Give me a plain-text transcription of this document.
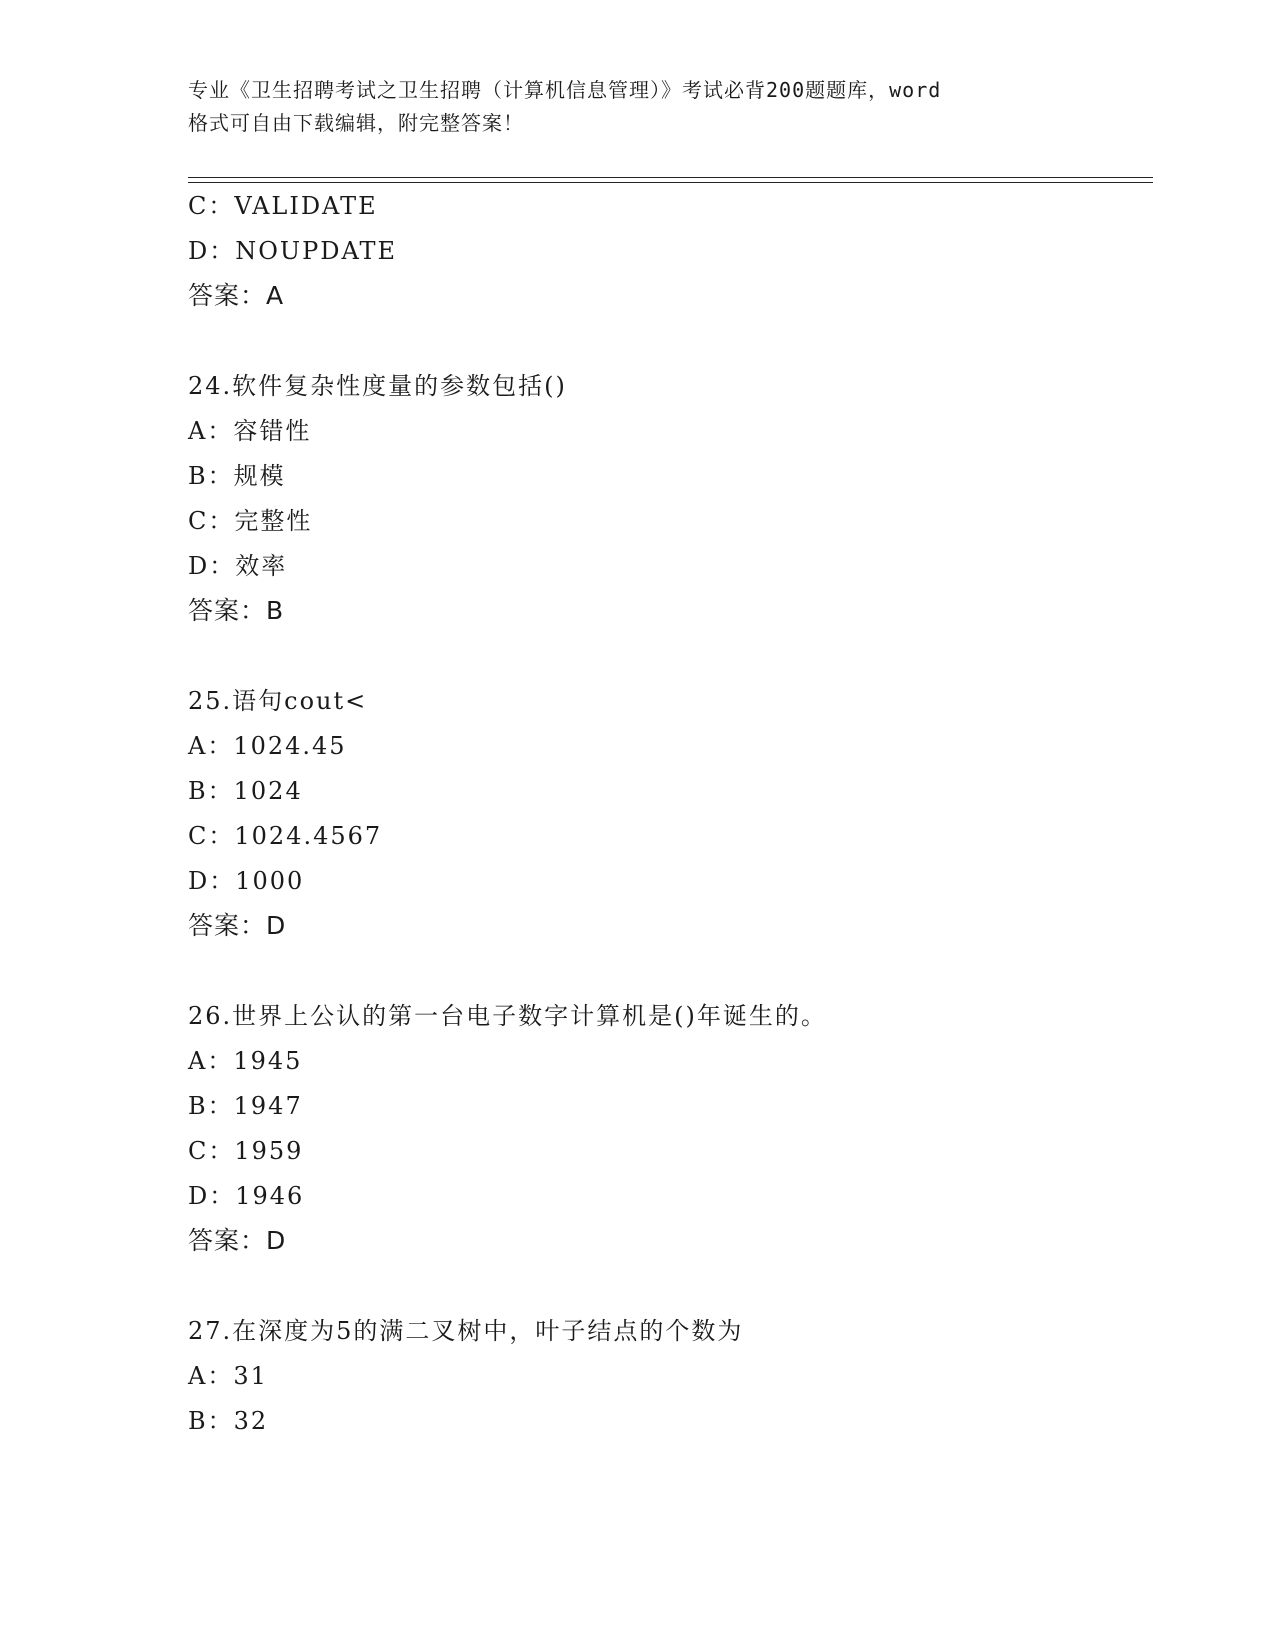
专业《卫生招聘考试之卫生招聘（计算机信息管理）》考试必背200题题库，word
格式可自由下载编辑，附完整答案！
C：VALIDATE
D：NOUPDATE
答案：A
24.软件复杂性度量的参数包括()
A：容错性
B：规模
C：完整性
D：效率
答案：B
25.语句cout<
A：1024.45
B：1024
C：1024.4567
D：1000
答案：D
26.世界上公认的第一台电子数字计算机是()年诞生的。
A：1945
B：1947
C：1959
D：1946
答案：D
27.在深度为5的满二叉树中，叶子结点的个数为
A：31
B：32
